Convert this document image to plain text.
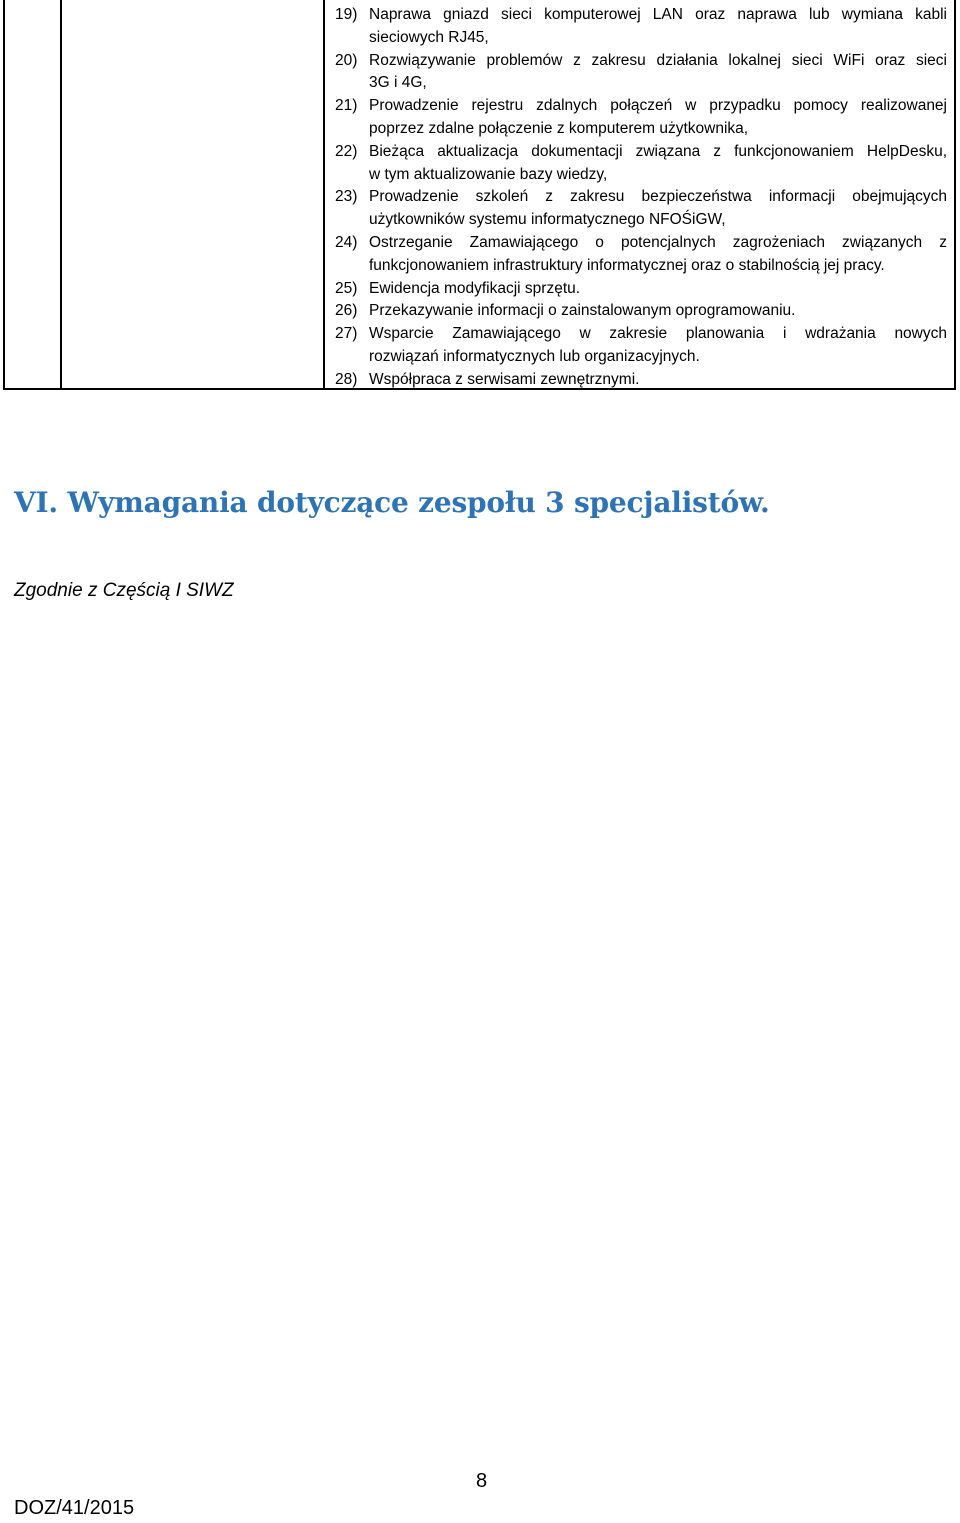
19) Naprawa gniazd sieci komputerowej LAN oraz naprawa lub wymiana kabli
sieciowych RJ45,
20) Rozwiązywanie problemów z zakresu działania lokalnej sieci WiFi oraz sieci
3G i 4G,
21) Prowadzenie rejestru zdalnych połączeń w przypadku pomocy realizowanej
poprzez zdalne połączenie z komputerem użytkownika,
22) Bieżąca aktualizacja dokumentacji związana z funkcjonowaniem HelpDesku,
w tym aktualizowanie bazy wiedzy,
23) Prowadzenie szkoleń z zakresu bezpieczeństwa informacji obejmujących
użytkowników systemu informatycznego NFOŚiGW,
24) Ostrzeganie Zamawiającego o potencjalnych zagrożeniach związanych z
funkcjonowaniem infrastruktury informatycznej oraz o stabilnością jej pracy.
25) Ewidencja modyfikacji sprzętu.
26) Przekazywanie informacji o zainstalowanym oprogramowaniu.
27) Wsparcie Zamawiającego w zakresie planowania i wdrażania nowych
rozwiązań informatycznych lub organizacyjnych.
28) Współpraca z serwisami zewnętrznymi.
VI. Wymagania dotyczące zespołu 3 specjalistów.
Zgodnie z Częścią I SIWZ
8
DOZ/41/2015
